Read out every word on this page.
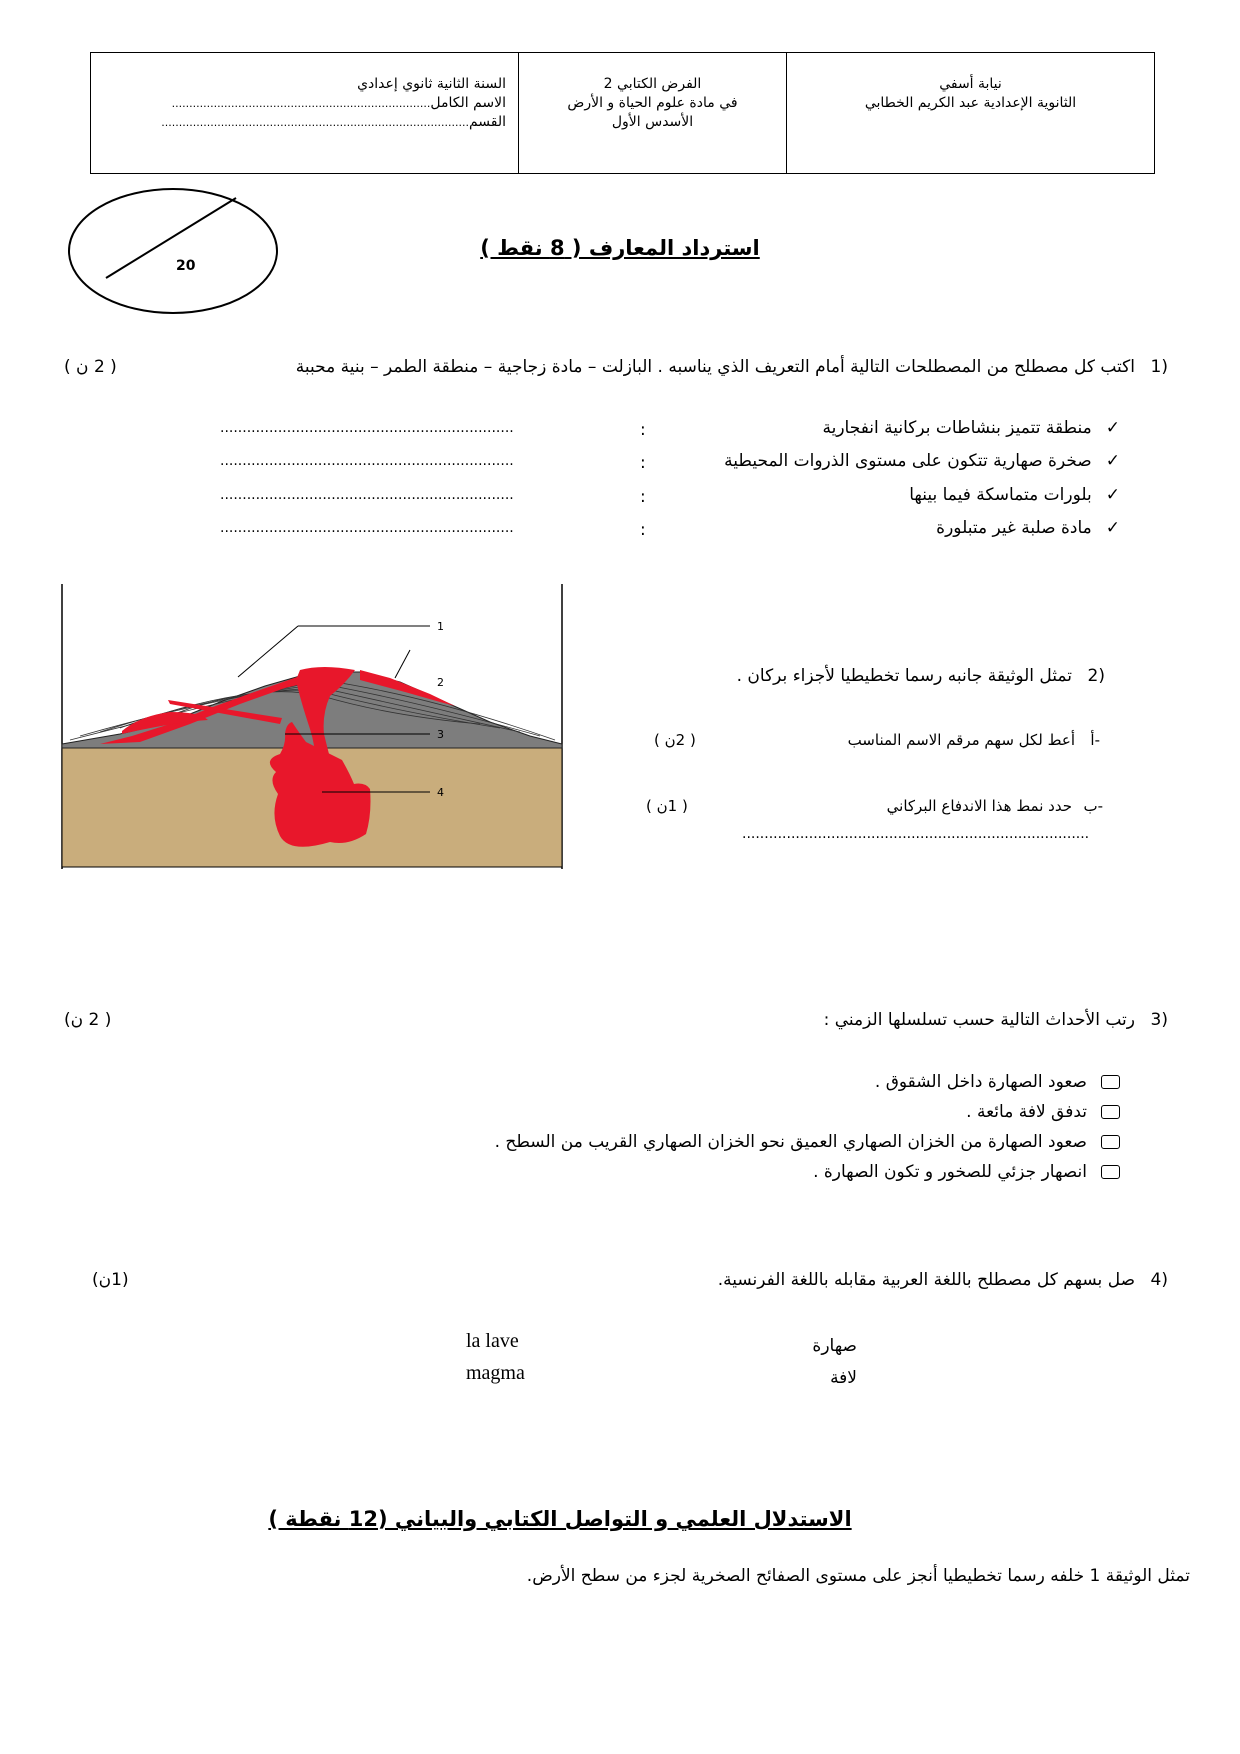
السنة الثانية ثانوي إعدادي
الاسم الكامل..........................................................................
القسم........................................................................................
الفرض الكتابي 2
في مادة علوم الحياة و الأرض
الأسدس الأول
نيابة أسفي
الثانوية الإعدادية عبد الكريم الخطابي
20
استرداد المعارف ( 8 نقط )
1)
اكتب كل مصطلح من المصطلحات التالية أمام التعريف الذي يناسبه . البازلت – مادة زجاجية – منطقة الطمر – بنية محببة
( 2 ن )
✓منطقة تتميز بنشاطات بركانية انفجارية
✓صخرة صهارية تتكون على مستوى الذروات المحيطية
✓بلورات متماسكة فيما بينها
✓مادة صلبة غير متبلورة
:
:
:
:
..................................................................
..................................................................
..................................................................
..................................................................
1
2
3
4
2)
تمثل الوثيقة جانبه رسما تخطيطيا لأجزاء بركان .
أ-
أعط لكل سهم مرقم الاسم المناسب
( 2ن )
ب-
حدد نمط هذا الاندفاع البركاني
( 1ن )
..............................................................................
3)
رتب الأحداث التالية حسب تسلسلها الزمني :
( 2 ن)
صعود الصهارة داخل الشقوق .
تدفق لافة مائعة .
صعود الصهارة من الخزان الصهاري العميق نحو الخزان الصهاري القريب من السطح .
انصهار جزئي للصخور و تكون الصهارة .
4)
صل بسهم كل مصطلح باللغة العربية مقابله باللغة الفرنسية.
(1ن)
صهارة
لافة
la lave
magma
الاستدلال العلمي و التواصل الكتابي والبياني (12 نقطة )
تمثل الوثيقة 1 خلفه رسما تخطيطيا أنجز على مستوى الصفائح الصخرية لجزء من سطح الأرض.
